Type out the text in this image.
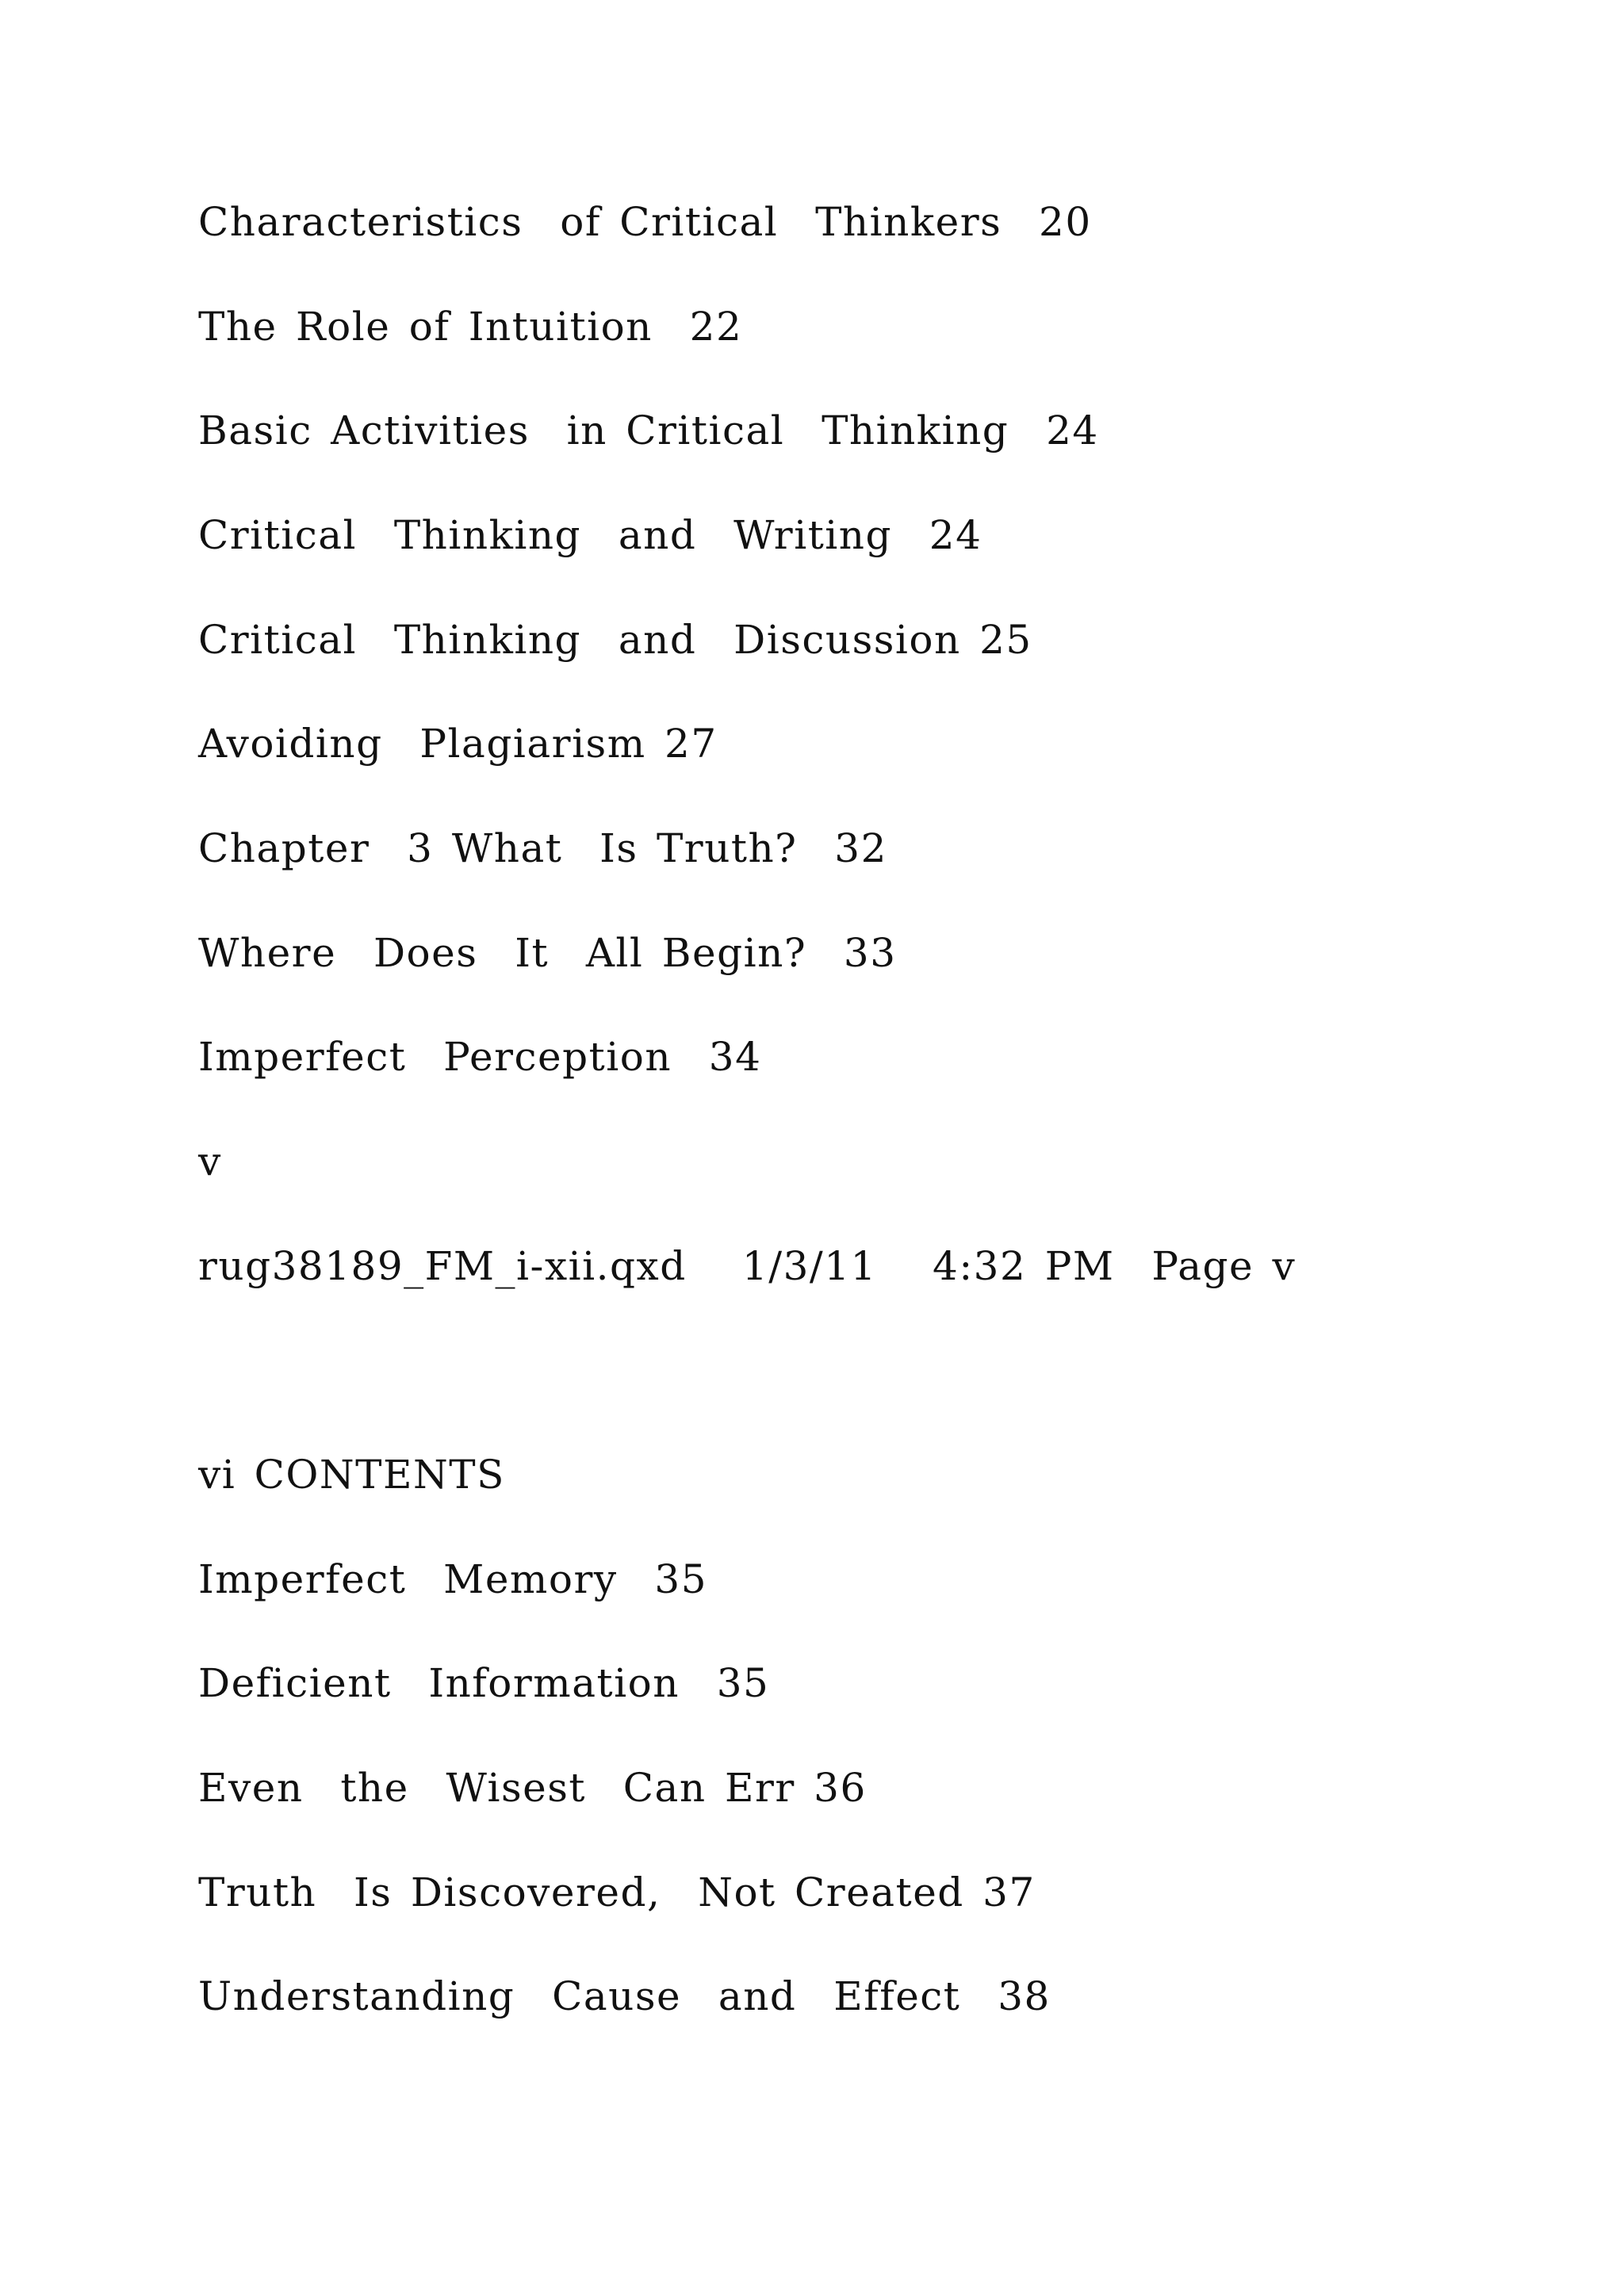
Characteristics  of Critical  Thinkers  20
The Role of Intuition  22
Basic Activities  in Critical  Thinking  24
Critical  Thinking  and  Writing  24
Critical  Thinking  and  Discussion 25
Avoiding  Plagiarism 27
Chapter  3 What  Is Truth?  32
Where  Does  It  All Begin?  33
Imperfect  Perception  34
v
rug38189_FM_i-xii.qxd   1/3/11   4:32 PM  Page v
vi CONTENTS
Imperfect  Memory  35
Deficient  Information  35
Even  the  Wisest  Can Err 36
Truth  Is Discovered,  Not Created 37
Understanding  Cause  and  Effect  38
